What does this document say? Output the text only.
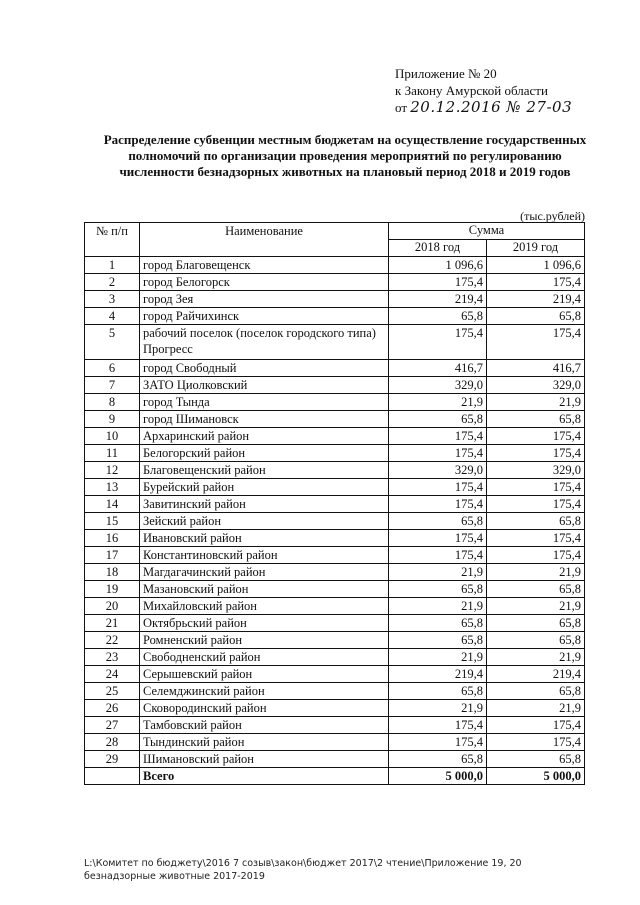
Приложение № 20
к Закону Амурской области
от 20.12.2016 № 27-03
Распределение субвенции местным бюджетам на осуществление государственных полномочий по организации проведения мероприятий по регулированию численности безнадзорных животных на плановый период 2018 и 2019 годов
(тыс.рублей)
№ п/п	Наименование	Сумма	
		2018 год	2019 год
1	город Благовещенск	1 096,6	1 096,6
2	город Белогорск	175,4	175,4
3	город Зея	219,4	219,4
4	город Райчихинск	65,8	65,8
5	рабочий поселок (поселок городского типа) Прогресс	175,4	175,4
6	город Свободный	416,7	416,7
7	ЗАТО Циолковский	329,0	329,0
8	город Тында	21,9	21,9
9	город Шимановск	65,8	65,8
10	Архаринский район	175,4	175,4
11	Белогорский район	175,4	175,4
12	Благовещенский район	329,0	329,0
13	Бурейский район	175,4	175,4
14	Завитинский район	175,4	175,4
15	Зейский район	65,8	65,8
16	Ивановский район	175,4	175,4
17	Константиновский район	175,4	175,4
18	Магдагачинский район	21,9	21,9
19	Мазановский район	65,8	65,8
20	Михайловский район	21,9	21,9
21	Октябрьский район	65,8	65,8
22	Ромненский район	65,8	65,8
23	Свободненский район	21,9	21,9
24	Серышевский район	219,4	219,4
25	Селемджинский район	65,8	65,8
26	Сковородинский район	21,9	21,9
27	Тамбовский район	175,4	175,4
28	Тындинский район	175,4	175,4
29	Шимановский район	65,8	65,8
	Всего	5 000,0	5 000,0
L:\Комитет по бюджету\2016 7 созыв\закон\бюджет 2017\2 чтение\Приложение 19, 20 безнадзорные животные 2017-2019
